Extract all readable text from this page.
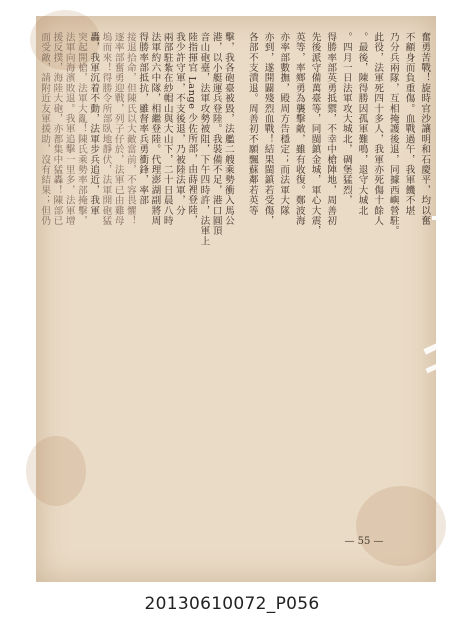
擊，我各砲臺被毀，法艦二艘乘勢衝入馬公
港，以小艇運兵登陸。我裝備不足，港口圓頂
音山砲臺，法軍攻勢被阻，下午四時許，法軍上
陸指揮官 Lange 少佐所部，由蒔裡登陸，
我少許守軍，不支後退，乃被陸法軍，分
兩部駐紮在紗帽山與大山下，二十日晨八時
法軍約六中隊，相繼登陸。代理澎湖副將周
得勝率部抵抗，雖督率兵勇衝鋒，率部
接退拾命，但陳氏以大敵當前，不容畏懼！
逐率部奮勇迎戰，列子仔於，法軍已由雞母
塢而來！得勝令所部臥地靜伏，法軍開砲猛
轟，我軍沉着不動，法軍步兵追近，我軍
突起開槍，法軍大亂！陳氏乘勢率部掩擊，
法軍向海濱敗退。我軍追擊一里多，法軍增
援反撲，海陸大砲，亦都集中猛轟！陳部已
面受敵，請附近友軍援助，沒有結果；但仍	奮勇苦戰！旋時官沙讓明和石慶平，均以奮
不顧身而負重傷。血戰過午，我軍饑不堪
乃分兵兩隊，互相掩護後退，同據西嶼營駐。
此役，法軍死四十多人，我軍亦死傷十餘人
。最後，陳得勝因孤軍難鳴，退守大城北
。四月一日法軍攻大城北，碉堡猛烈，
得勝率部英勇抵禦，不幸中槍陣地，周善初
先後派守備萬臺等，同閩鎮金城，軍心大震，
英等，率鄉勇為襲擊敵，雖有收復。鄭波海
亦率部數撫，殿周方告穩定；而法軍大隊
亦到，遂開闢殘烈血戰！結果閩鎮若受傷，
各部不支潰退。周善初不願飄蘇鄰若英等
— 55 —
20130610072_P056
